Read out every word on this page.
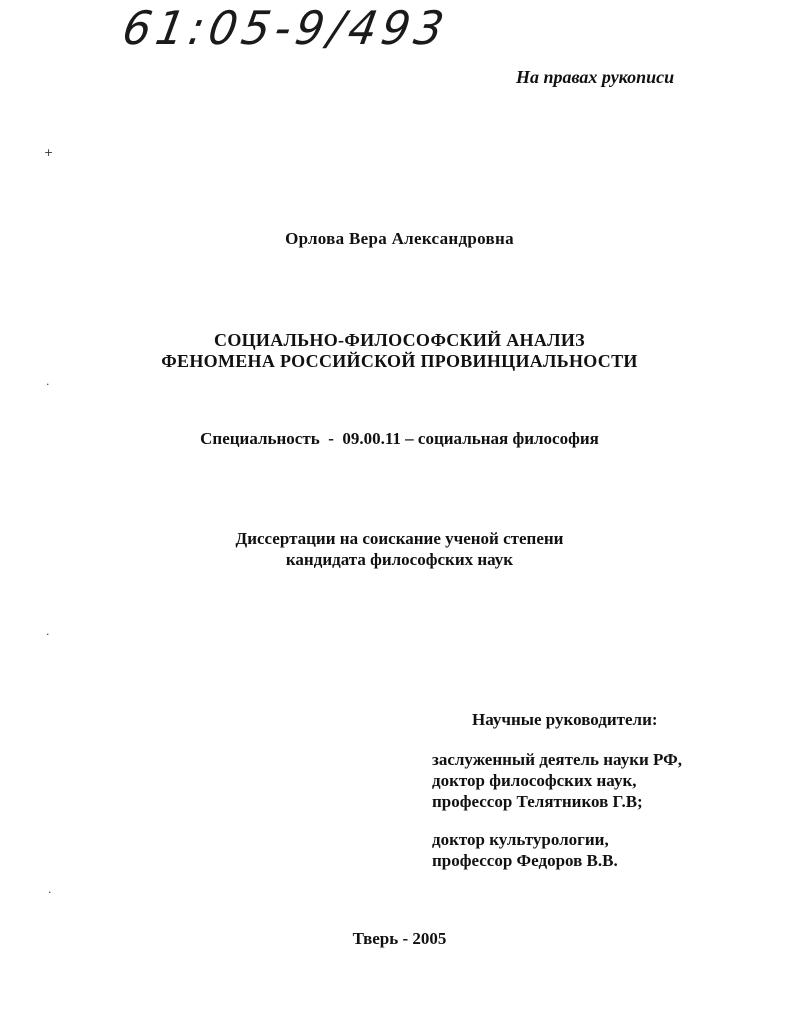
61:05-9/493
На правах рукописи
+
·
·
·
Орлова Вера Александровна
СОЦИАЛЬНО-ФИЛОСОФСКИЙ АНАЛИЗ
ФЕНОМЕНА РОССИЙСКОЙ ПРОВИНЦИАЛЬНОСТИ
Специальность  -  09.00.11 – социальная философия
Диссертации на соискание ученой степени
кандидата философских наук
Научные руководители:
заслуженный деятель науки РФ,
доктор философских наук,
профессор Телятников Г.В;
доктор культурологии,
профессор Федоров В.В.
Тверь - 2005
